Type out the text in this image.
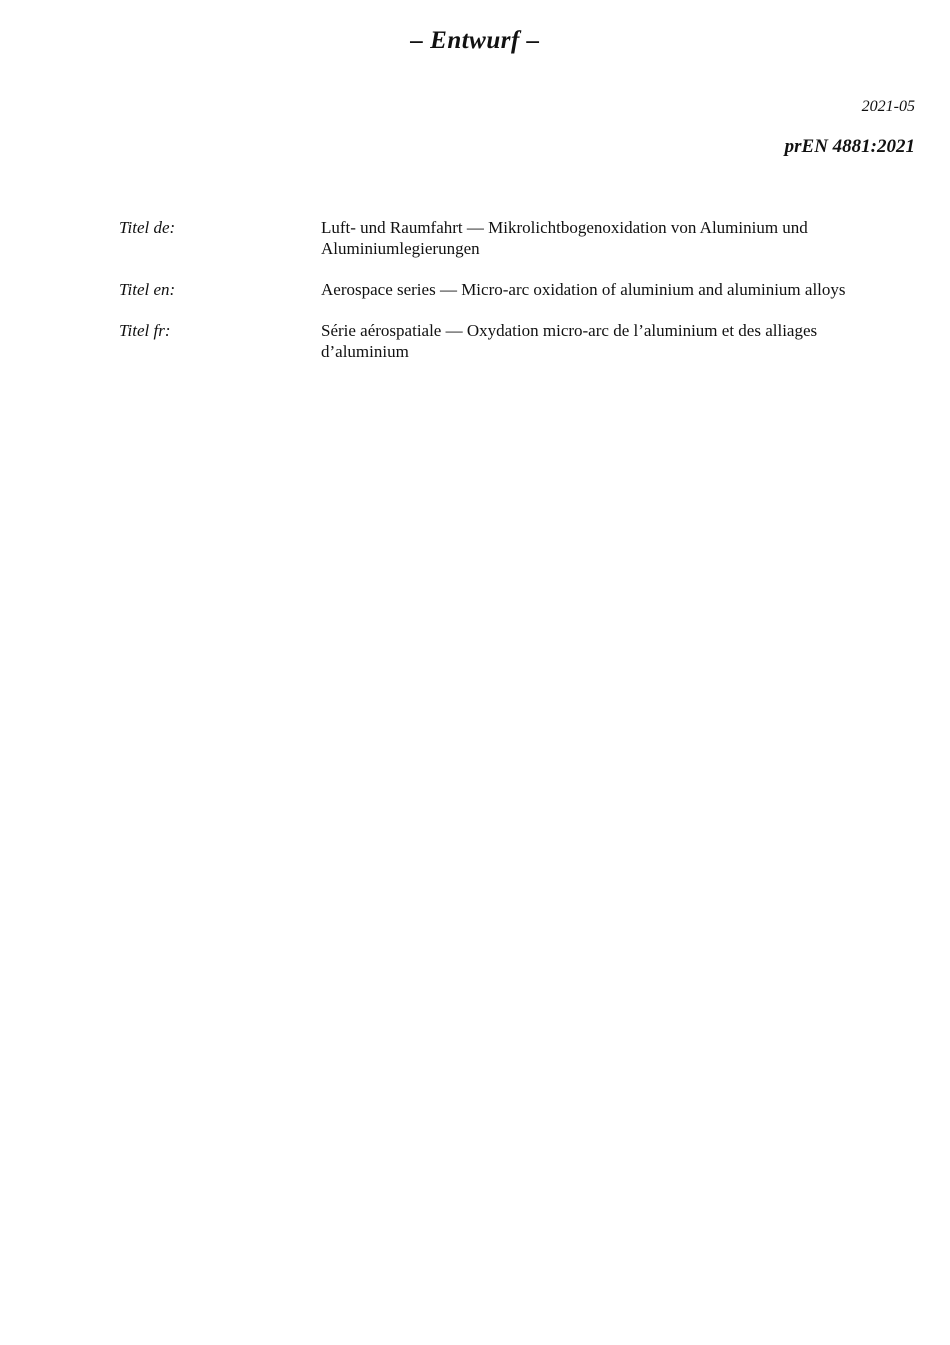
– Entwurf –

2021-05

prEN 4881:2021

Titel de:	Luft- und Raumfahrt — Mikrolichtbogenoxidation von Aluminium und Aluminiumlegierungen
Titel en:	Aerospace series — Micro-arc oxidation of aluminium and aluminium alloys
Titel fr:	Série aérospatiale — Oxydation micro-arc de l’aluminium et des alliages d’aluminium
